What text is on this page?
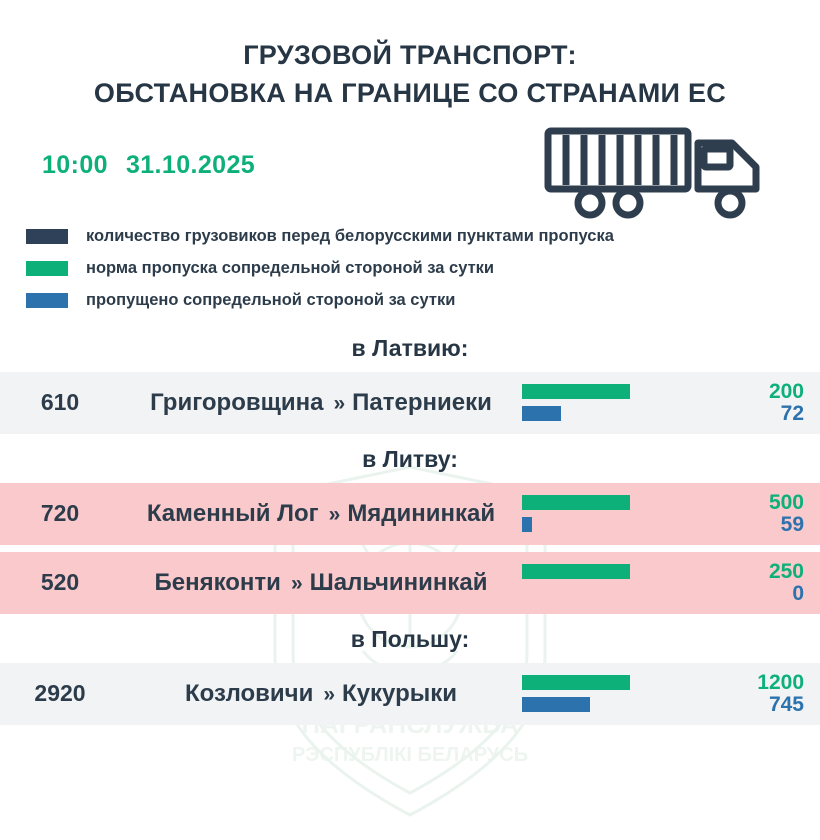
РЭСПУБЛІКІ БЕЛАРУСЬ
ГРУЗОВОЙ ТРАНСПОРТ:
ОБСТАНОВКА НА ГРАНИЦЕ СО СТРАНАМИ ЕС
10:00 31.10.2025
количество грузовиков перед белорусскими пунктами пропуска
норма пропуска сопредельной стороной за сутки
пропущено сопредельной стороной за сутки
в Латвию:
610	Григоровщина » Патерниеки	200
72
в Литву:
720	Каменный Лог » Мядининкай	500
59
520	Беняконти » Шальчининкай	250
0
в Польшу:
2920	Козловичи » Кукурыки	1200
745
